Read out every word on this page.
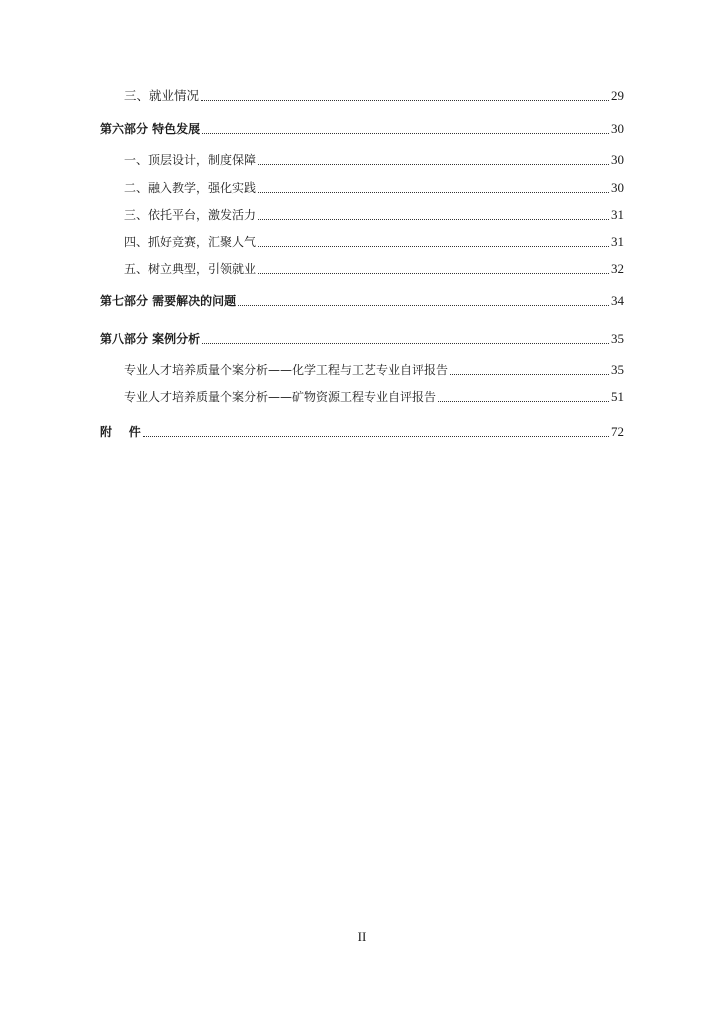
三、就业情况	29
第六部分 特色发展	30
一、顶层设计，制度保障	30
二、融入教学，强化实践	30
三、依托平台，激发活力	31
四、抓好竞赛，汇聚人气	31
五、树立典型，引领就业	32
第七部分 需要解决的问题	34
第八部分 案例分析	35
专业人才培养质量个案分析——化学工程与工艺专业自评报告	35
专业人才培养质量个案分析——矿物资源工程专业自评报告	51
附    件	72
II
